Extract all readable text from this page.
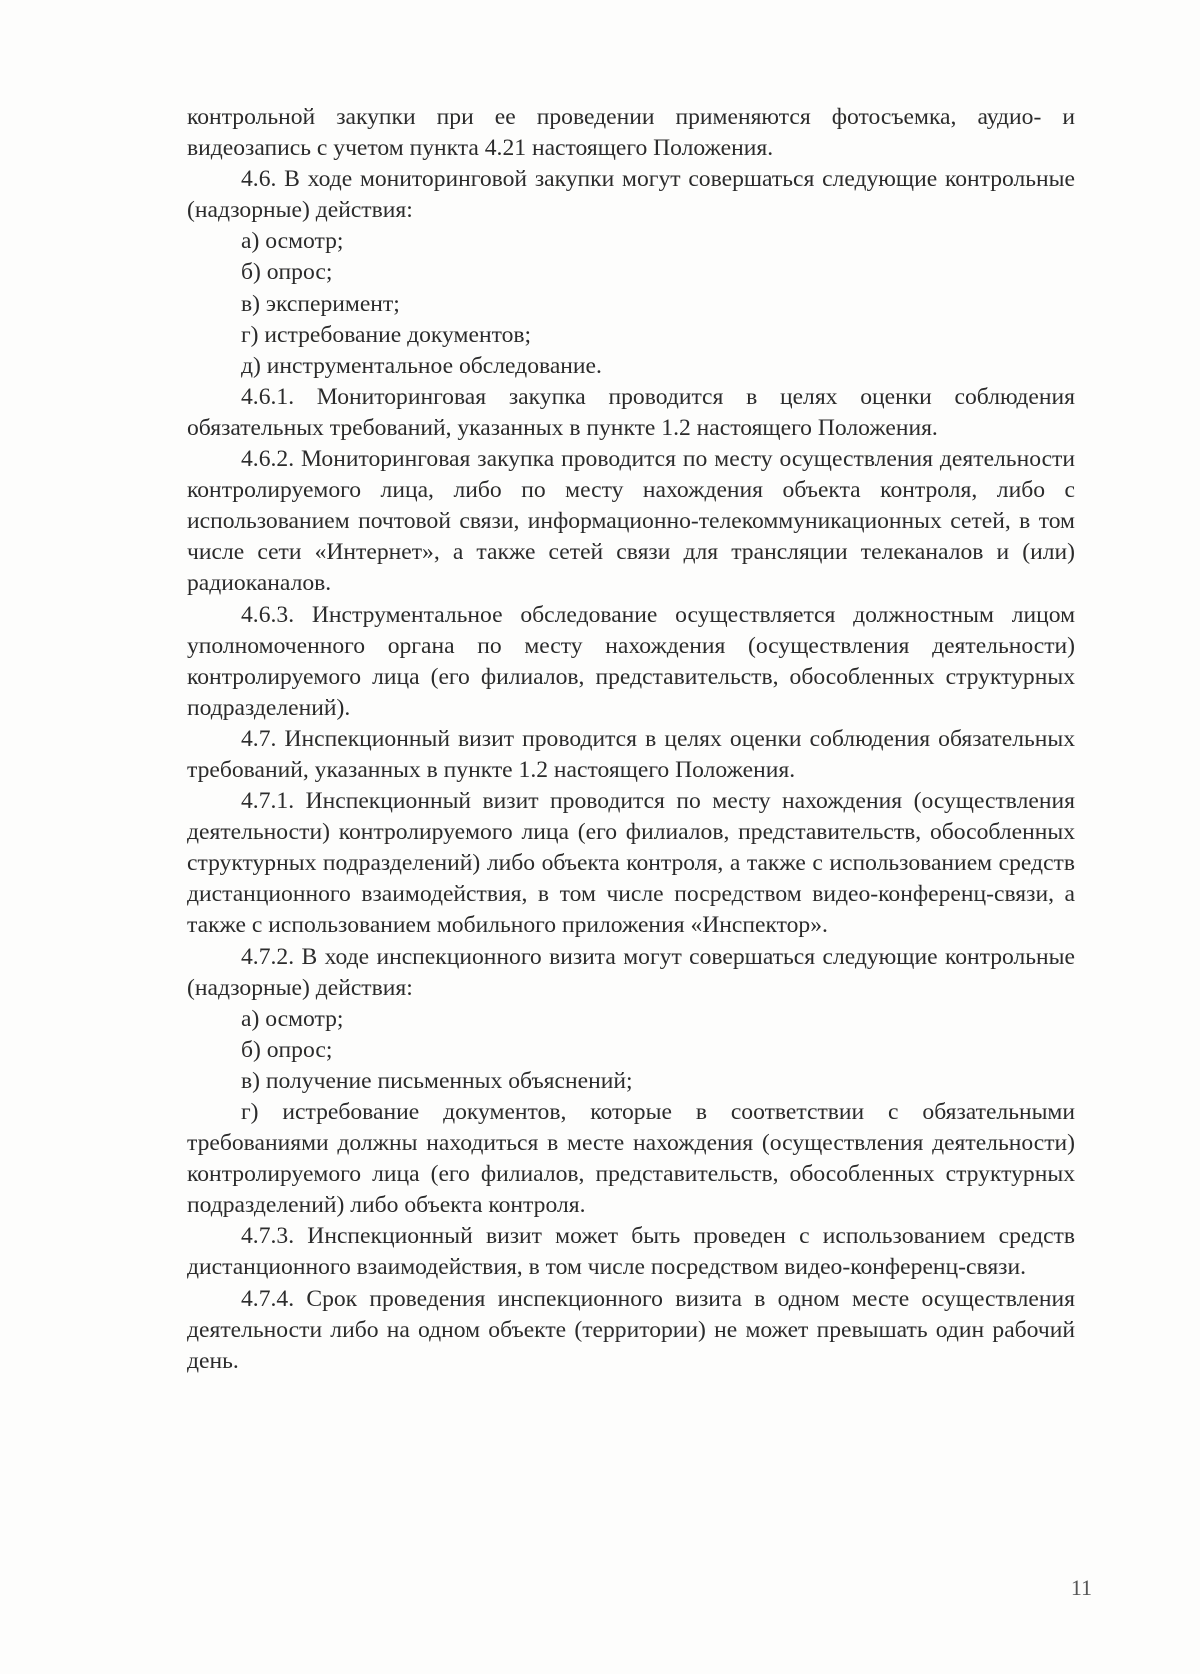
контрольной закупки при ее проведении применяются фотосъемка, аудио- и видеозапись с учетом пункта 4.21 настоящего Положения.

4.6. В ходе мониторинговой закупки могут совершаться следующие контрольные (надзорные) действия:

а) осмотр;

б) опрос;

в) эксперимент;

г) истребование документов;

д) инструментальное обследование.

4.6.1. Мониторинговая закупка проводится в целях оценки соблюдения обязательных требований, указанных в пункте 1.2 настоящего Положения.

4.6.2. Мониторинговая закупка проводится по месту осуществления деятельности контролируемого лица, либо по месту нахождения объекта контроля, либо с использованием почтовой связи, информационно-телекоммуникационных сетей, в том числе сети «Интернет», а также сетей связи для трансляции телеканалов и (или) радиоканалов.

4.6.3. Инструментальное обследование осуществляется должностным лицом уполномоченного органа по месту нахождения (осуществления деятельности) контролируемого лица (его филиалов, представительств, обособленных структурных подразделений).

4.7. Инспекционный визит проводится в целях оценки соблюдения обязательных требований, указанных в пункте 1.2 настоящего Положения.

4.7.1. Инспекционный визит проводится по месту нахождения (осуществления деятельности) контролируемого лица (его филиалов, представительств, обособленных структурных подразделений) либо объекта контроля, а также с использованием средств дистанционного взаимодействия, в том числе посредством видео-конференц-связи, а также с использованием мобильного приложения «Инспектор».

4.7.2. В ходе инспекционного визита могут совершаться следующие контрольные (надзорные) действия:

а) осмотр;

б) опрос;

в) получение письменных объяснений;

г) истребование документов, которые в соответствии с обязательными требованиями должны находиться в месте нахождения (осуществления деятельности) контролируемого лица (его филиалов, представительств, обособленных структурных подразделений) либо объекта контроля.

4.7.3. Инспекционный визит может быть проведен с использованием средств дистанционного взаимодействия, в том числе посредством видео-конференц-связи.

4.7.4. Срок проведения инспекционного визита в одном месте осуществления деятельности либо на одном объекте (территории) не может превышать один рабочий день.

11
